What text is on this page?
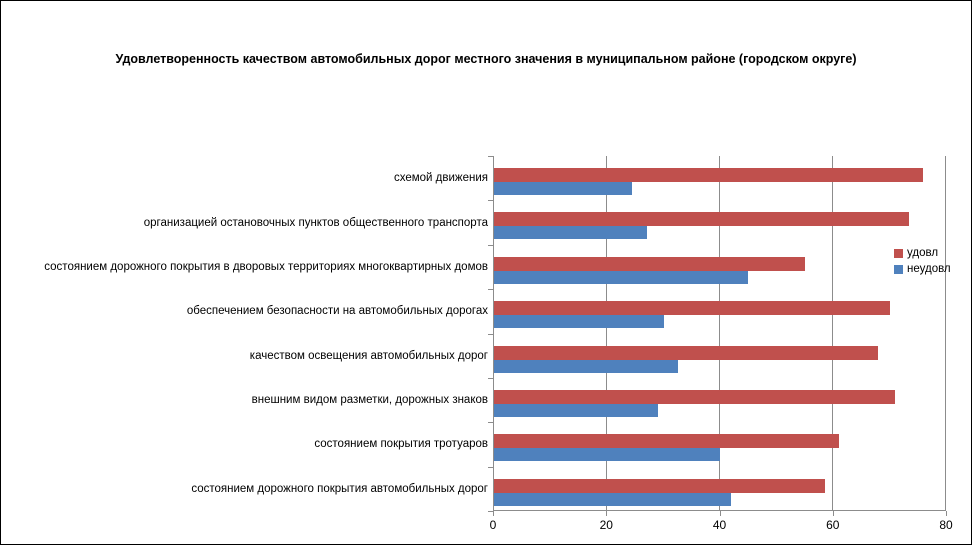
Удовлетворенность качеством автомобильных дорог местного значения в муниципальном районе (городском округе)
схемой движения
организацией остановочных пунктов общественного транспорта
состоянием дорожного покрытия в дворовых территориях многоквартирных домов
обеспечением безопасности на автомобильных дорогах
качеством освещения автомобильных дорог
внешним видом разметки, дорожных знаков
состоянием покрытия тротуаров
состоянием дорожного покрытия автомобильных дорог
0	20	40	60	80
удовл
неудовл
